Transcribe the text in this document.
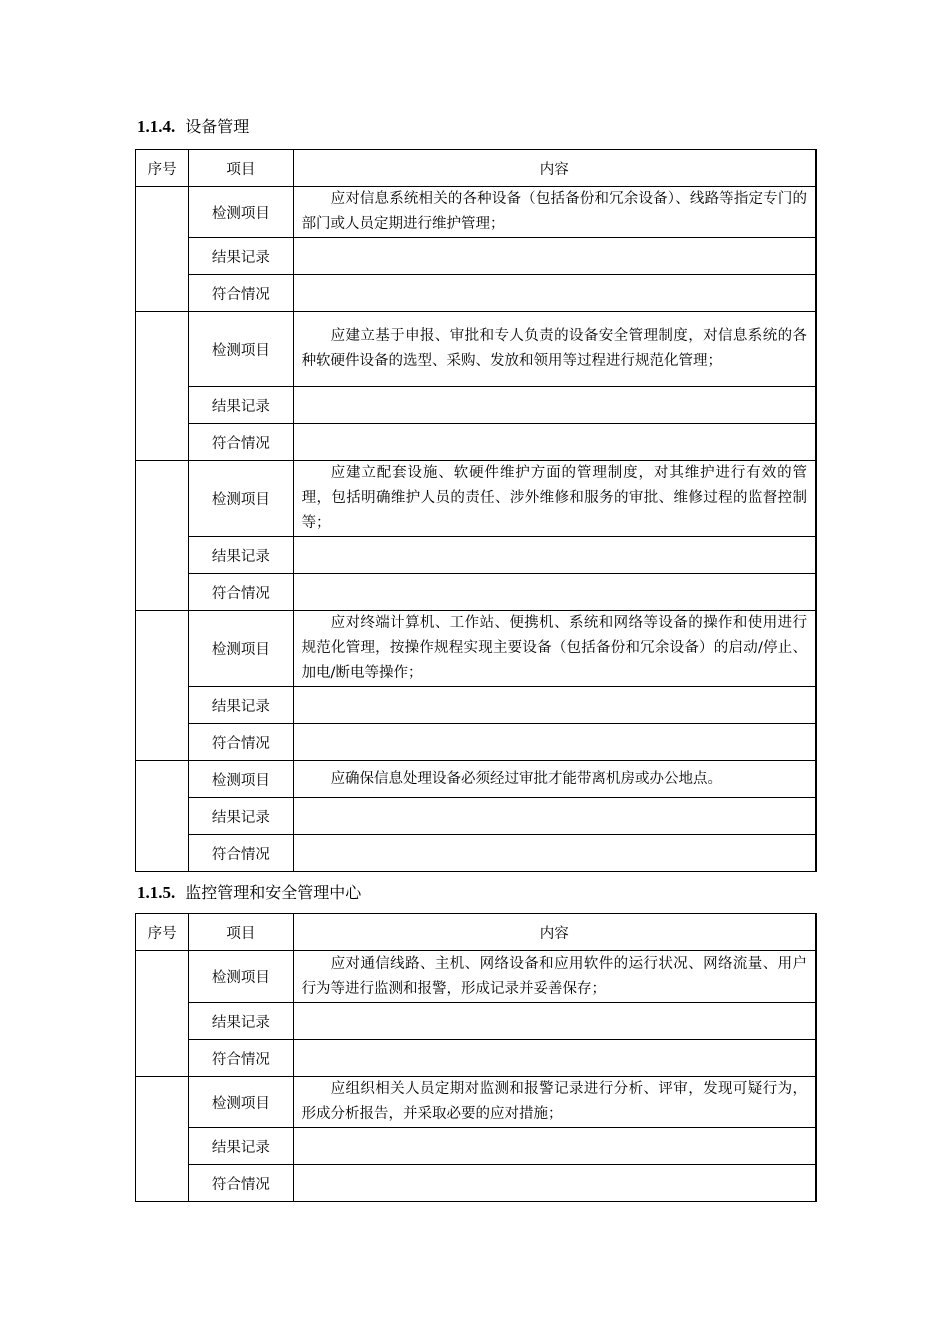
1.1.4. 设备管理
序号	项目	内容
	检测项目	应对信息系统相关的各种设备（包括备份和冗余设备）、线路等指定专门的部门或人员定期进行维护管理；

	结果记录	
	符合情况	
	检测项目	应建立基于申报、审批和专人负责的设备安全管理制度，对信息系统的各种软硬件设备的选型、采购、发放和领用等过程进行规范化管理；

	结果记录	
	符合情况	
	检测项目	应建立配套设施、软硬件维护方面的管理制度，对其维护进行有效的管理，包括明确维护人员的责任、涉外维修和服务的审批、维修过程的监督控制等；

	结果记录	
	符合情况	
	检测项目	应对终端计算机、工作站、便携机、系统和网络等设备的操作和使用进行规范化管理，按操作规程实现主要设备（包括备份和冗余设备）的启动/停止、加电/断电等操作；

	结果记录	
	符合情况	
	检测项目	应确保信息处理设备必须经过审批才能带离机房或办公地点。

	结果记录	
	符合情况	
1.1.5. 监控管理和安全管理中心
序号	项目	内容
	检测项目	应对通信线路、主机、网络设备和应用软件的运行状况、网络流量、用户行为等进行监测和报警，形成记录并妥善保存；

	结果记录	
	符合情况	
	检测项目	应组织相关人员定期对监测和报警记录进行分析、评审，发现可疑行为，形成分析报告，并采取必要的应对措施；

	结果记录	
	符合情况	
